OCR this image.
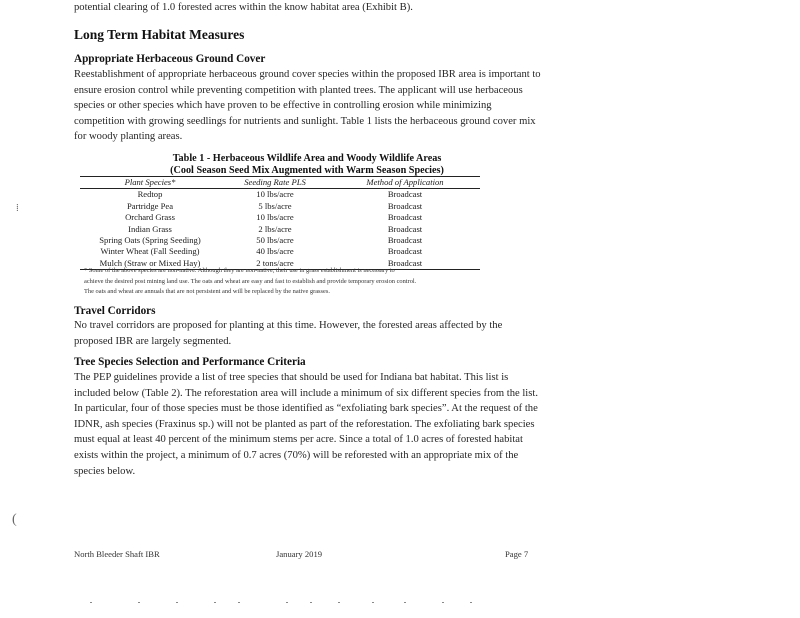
potential clearing of 1.0 forested acres within the know habitat area (Exhibit B).

Long Term Habitat Measures
Appropriate Herbaceous Ground Cover
Reestablishment of appropriate herbaceous ground cover species within the proposed IBR area is important to
ensure erosion control while preventing competition with planted trees. The applicant will use herbaceous
species or other species which have proven to be effective in controlling erosion while minimizing
competition with growing seedlings for nutrients and sunlight. Table 1 lists the herbaceous ground cover mix
for woody planting areas.
Table 1 - Herbaceous Wildlife Area and Woody Wildlife Areas
(Cool Season Seed Mix Augmented with Warm Season Species)
Plant Species*	Seeding Rate PLS	Method of Application
Redtop	10 lbs/acre	Broadcast
Partridge Pea	5 lbs/acre	Broadcast
Orchard Grass	10 lbs/acre	Broadcast
Indian Grass	2 lbs/acre	Broadcast
Spring Oats (Spring Seeding)	50 lbs/acre	Broadcast
Winter Wheat (Fall Seeding)	40 lbs/acre	Broadcast
Mulch (Straw or Mixed Hay)	2 tons/acre	Broadcast
* Some of the above species are non-native. Although they are non-native, their use in grass establishment is necessary to
achieve the desired post mining land use. The oats and wheat are easy and fast to establish and provide temporary erosion control.
The oats and wheat are annuals that are not persistent and will be replaced by the native grasses.
Travel Corridors
No travel corridors are proposed for planting at this time. However, the forested areas affected by the
proposed IBR are largely segmented.
Tree Species Selection and Performance Criteria
The PEP guidelines provide a list of tree species that should be used for Indiana bat habitat. This list is
included below (Table 2). The reforestation area will include a minimum of six different species from the list.
In particular, four of those species must be those identified as “exfoliating bark species”. At the request of the
IDNR, ash species (Fraxinus sp.) will not be planted as part of the reforestation. The exfoliating bark species
must equal at least 40 percent of the minimum stems per acre. Since a total of 1.0 acres of forested habitat
exists within the project, a minimum of 0.7 acres (70%) will be reforested with an appropriate mix of the
species below.
North Bleeder Shaft IBR	January 2019	Page 7
⁞
(
